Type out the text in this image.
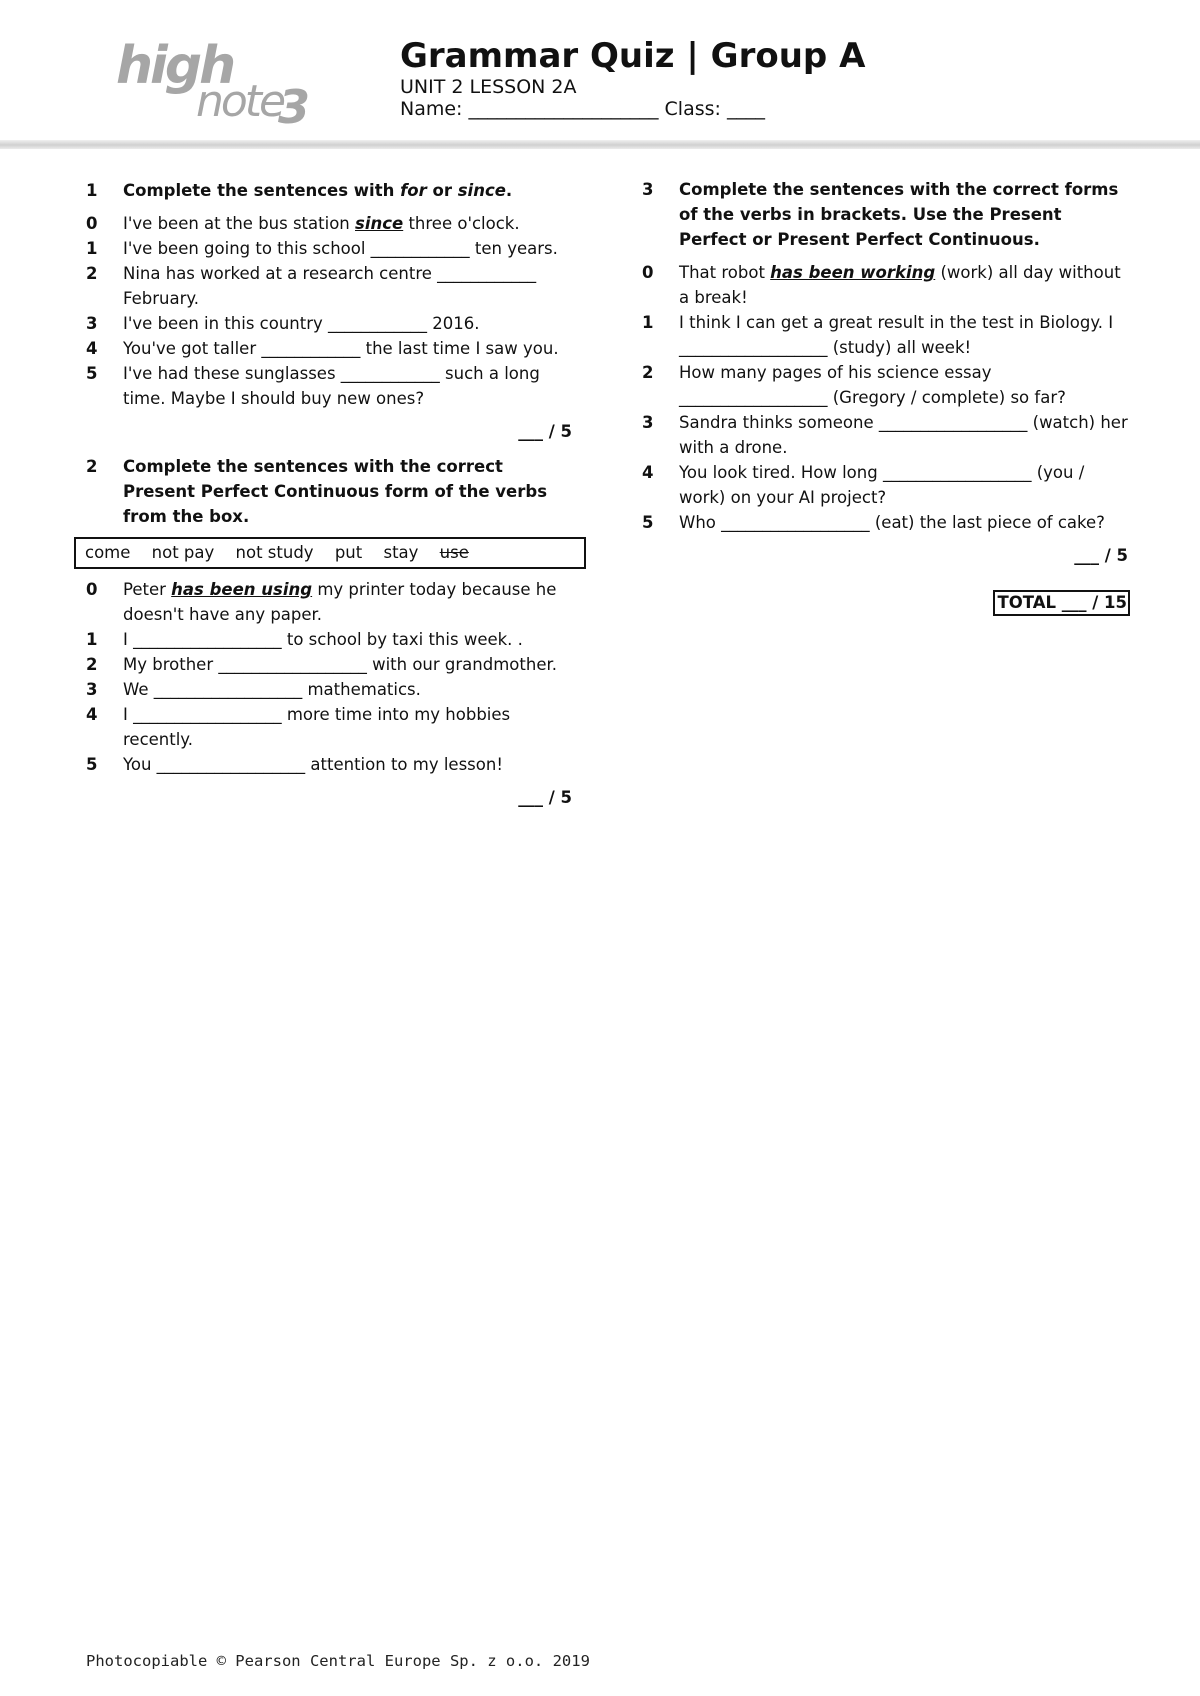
high
note
3
Grammar Quiz | Group A
UNIT 2 LESSON 2A
Name: ____________________ Class: ____
1	Complete the sentences with for or since.
0	I've been at the bus station since three o'clock.
1	I've been going to this school ____________ ten years.
2	Nina has worked at a research centre ____________ February.
3	I've been in this country ____________ 2016.
4	You've got taller ____________ the last time I saw you.
5	I've had these sunglasses ____________ such a long time. Maybe I should buy new ones?
___ / 5
2	Complete the sentences with the correct Present Perfect Continuous form of the verbs from the box.
come not pay not study put stay use
0	Peter has been using my printer today because he doesn't have any paper.
1	I __________________ to school by taxi this week. .
2	My brother __________________ with our grandmother.
3	We __________________ mathematics.
4	I __________________ more time into my hobbies recently.
5	You __________________ attention to my lesson!
___ / 5
3	Complete the sentences with the correct forms of the verbs in brackets. Use the Present Perfect or Present Perfect Continuous.
0	That robot has been working (work) all day without a break!
1	I think I can get a great result in the test in Biology. I __________________ (study) all week!
2	How many pages of his science essay __________________ (Gregory / complete) so far?
3	Sandra thinks someone __________________ (watch) her with a drone.
4	You look tired. How long __________________ (you / work) on your AI project?
5	Who __________________ (eat) the last piece of cake?
___ / 5
TOTAL ___ / 15
Photocopiable © Pearson Central Europe Sp. z o.o. 2019
